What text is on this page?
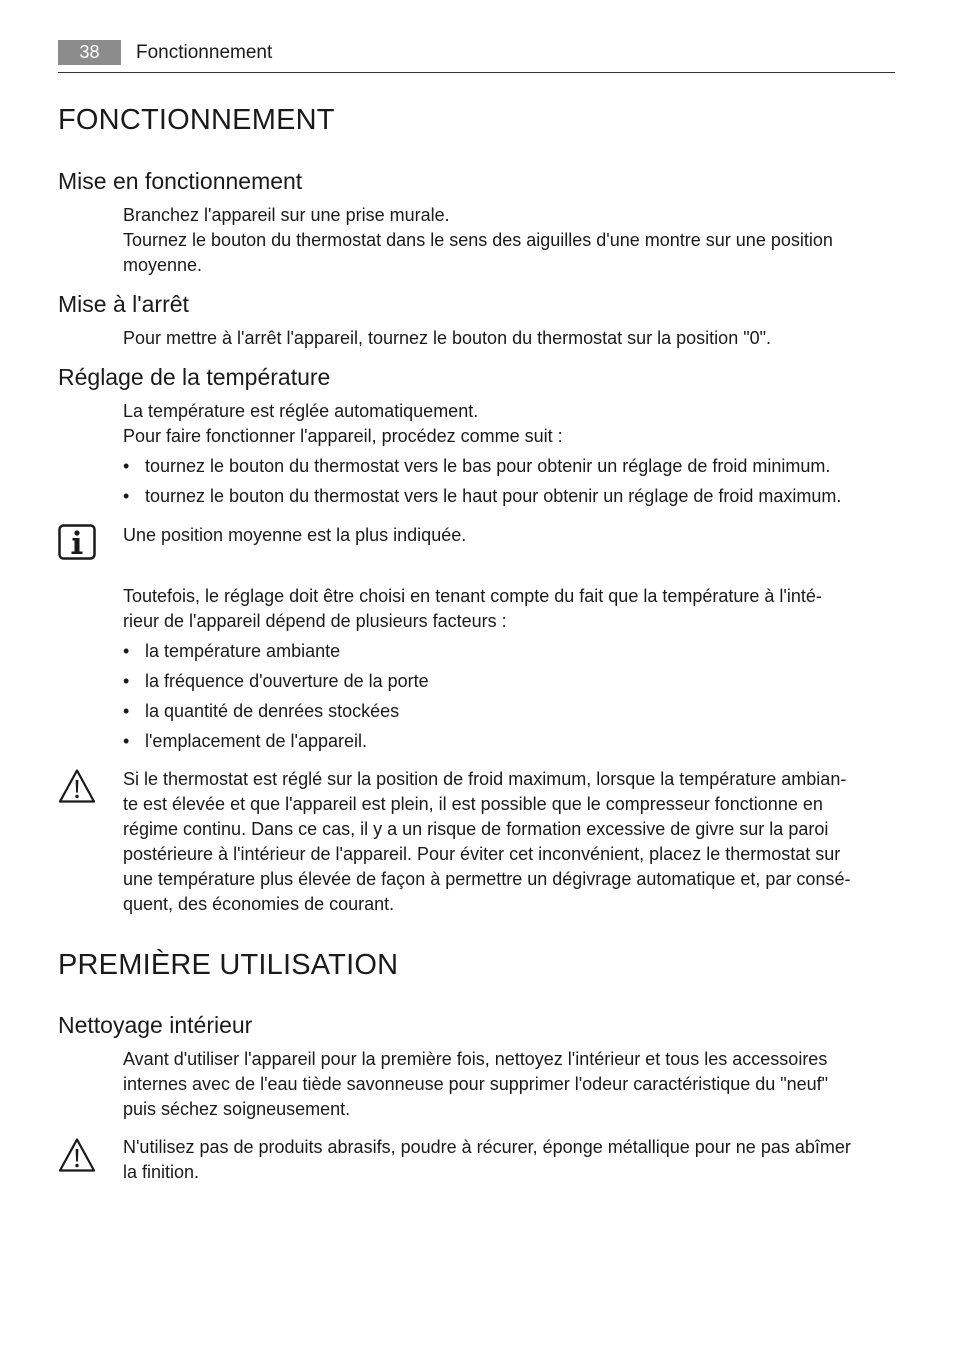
38	Fonctionnement
FONCTIONNEMENT
Mise en fonctionnement

Branchez l'appareil sur une prise murale.

Tournez le bouton du thermostat dans le sens des aiguilles d'une montre sur une position

moyenne.

Mise à l'arrêt

Pour mettre à l'arrêt l'appareil, tournez le bouton du thermostat sur la position "0".

Réglage de la température

La température est réglée automatiquement.

Pour faire fonctionner l'appareil, procédez comme suit :

• tournez le bouton du thermostat vers le bas pour obtenir un réglage de froid minimum.

• tournez le bouton du thermostat vers le haut pour obtenir un réglage de froid maximum.

Une position moyenne est la plus indiquée.

Toutefois, le réglage doit être choisi en tenant compte du fait que la température à l'inté-

rieur de l'appareil dépend de plusieurs facteurs :

• la température ambiante

• la fréquence d'ouverture de la porte

• la quantité de denrées stockées

• l'emplacement de l'appareil.

Si le thermostat est réglé sur la position de froid maximum, lorsque la température ambian-

te est élevée et que l'appareil est plein, il est possible que le compresseur fonctionne en

régime continu. Dans ce cas, il y a un risque de formation excessive de givre sur la paroi

postérieure à l'intérieur de l'appareil. Pour éviter cet inconvénient, placez le thermostat sur

une température plus élevée de façon à permettre un dégivrage automatique et, par consé-

quent, des économies de courant.

PREMIÈRE UTILISATION
Nettoyage intérieur

Avant d'utiliser l'appareil pour la première fois, nettoyez l'intérieur et tous les accessoires

internes avec de l'eau tiède savonneuse pour supprimer l'odeur caractéristique du "neuf"

puis séchez soigneusement.

N'utilisez pas de produits abrasifs, poudre à récurer, éponge métallique pour ne pas abîmer

la finition.
